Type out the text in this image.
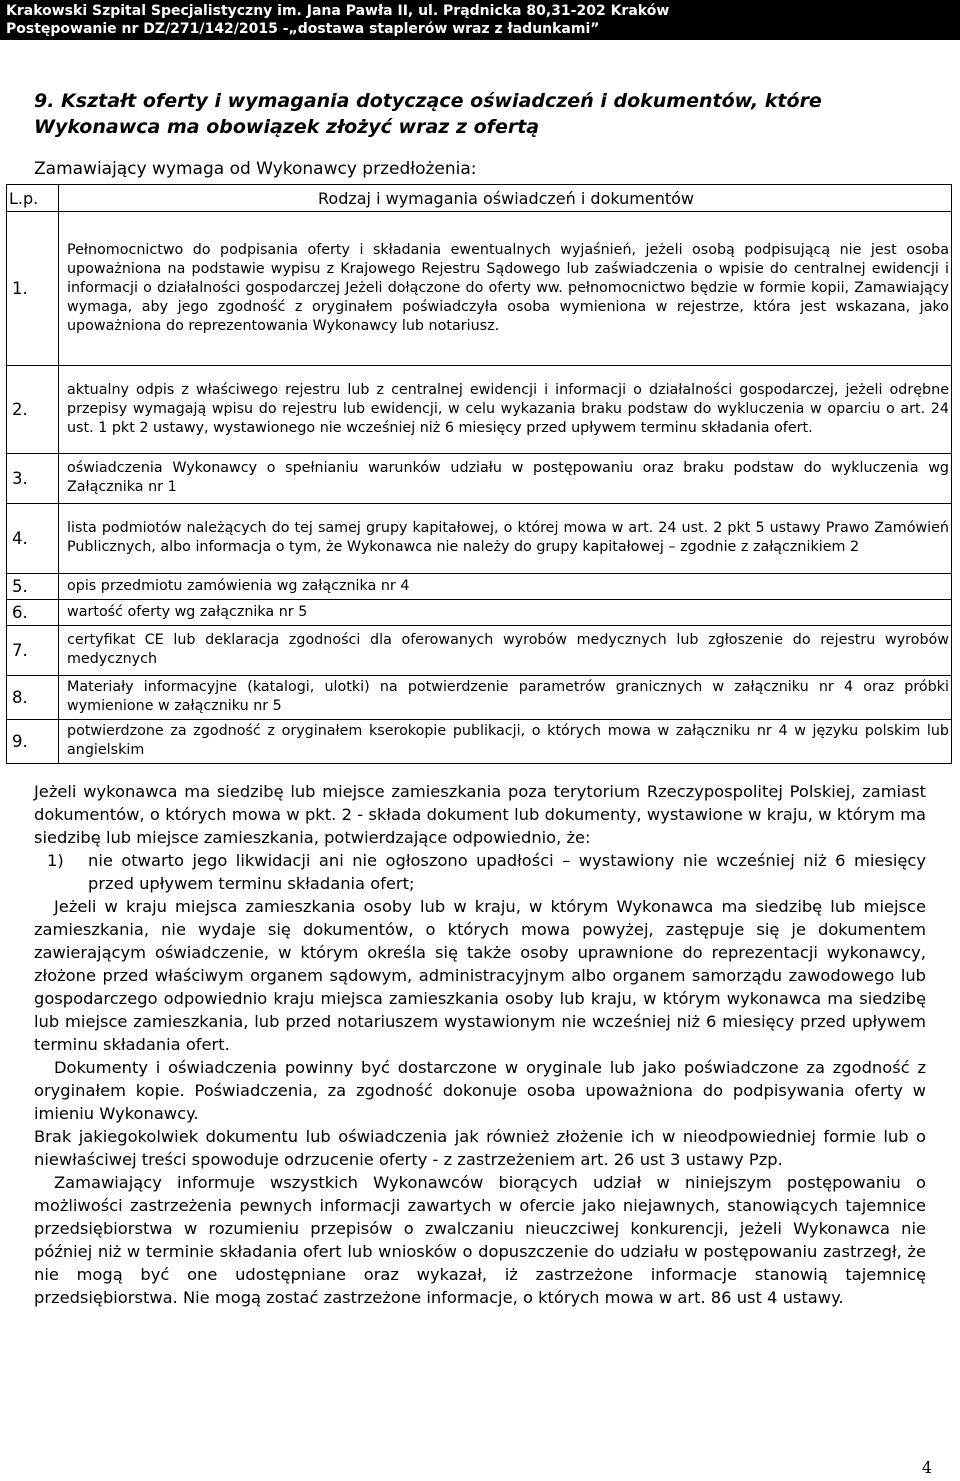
Krakowski Szpital Specjalistyczny im. Jana Pawła II, ul. Prądnicka 80,31-202 Kraków
Postępowanie nr DZ/271/142/2015 -„dostawa staplerów wraz z ładunkami”
9. Kształt oferty i wymagania dotyczące oświadczeń i dokumentów, które Wykonawca ma obowiązek złożyć wraz z ofertą
Zamawiający wymaga od Wykonawcy przedłożenia:
L.p.	Rodzaj i wymagania oświadczeń i dokumentów
1.	Pełnomocnictwo do podpisania oferty i składania ewentualnych wyjaśnień, jeżeli osobą podpisującą nie jest osoba upoważniona na podstawie wypisu z Krajowego Rejestru Sądowego lub zaświadczenia o wpisie do centralnej ewidencji i informacji o działalności gospodarczej Jeżeli dołączone do oferty ww. pełnomocnictwo będzie w formie kopii, Zamawiający wymaga, aby jego zgodność z oryginałem poświadczyła osoba wymieniona w rejestrze, która jest wskazana, jako upoważniona do reprezentowania Wykonawcy lub notariusz.
2.	aktualny odpis z właściwego rejestru lub z centralnej ewidencji i informacji o działalności gospodarczej, jeżeli odrębne przepisy wymagają wpisu do rejestru lub ewidencji, w celu wykazania braku podstaw do wykluczenia w oparciu o art. 24 ust. 1 pkt 2 ustawy, wystawionego nie wcześniej niż 6 miesięcy przed upływem terminu składania ofert.
3.	oświadczenia Wykonawcy o spełnianiu warunków udziału w postępowaniu oraz braku podstaw do wykluczenia wg Załącznika nr 1
4.	lista podmiotów należących do tej samej grupy kapitałowej, o której mowa w art. 24 ust. 2 pkt 5 ustawy Prawo Zamówień Publicznych, albo informacja o tym, że Wykonawca nie należy do grupy kapitałowej – zgodnie z załącznikiem 2
5.	opis przedmiotu zamówienia wg załącznika nr 4
6.	wartość oferty wg załącznika nr 5
7.	certyfikat CE lub deklaracja zgodności dla oferowanych wyrobów medycznych lub zgłoszenie do rejestru wyrobów medycznych
8.	Materiały informacyjne (katalogi, ulotki) na potwierdzenie parametrów granicznych w załączniku nr 4 oraz próbki wymienione w załączniku nr 5
9.	potwierdzone za zgodność z oryginałem kserokopie publikacji, o których mowa w załączniku nr 4 w języku polskim lub angielskim

Jeżeli wykonawca ma siedzibę lub miejsce zamieszkania poza terytorium Rzeczypospolitej Polskiej, zamiast dokumentów, o których mowa w pkt. 2 - składa dokument lub dokumenty, wystawione w kraju, w którym ma siedzibę lub miejsce zamieszkania, potwierdzające odpowiednio, że:

1) nie otwarto jego likwidacji ani nie ogłoszono upadłości – wystawiony nie wcześniej niż 6 miesięcy przed upływem terminu składania ofert;

Jeżeli w kraju miejsca zamieszkania osoby lub w kraju, w którym Wykonawca ma siedzibę lub miejsce zamieszkania, nie wydaje się dokumentów, o których mowa powyżej, zastępuje się je dokumentem zawierającym oświadczenie, w którym określa się także osoby uprawnione do reprezentacji wykonawcy, złożone przed właściwym organem sądowym, administracyjnym albo organem samorządu zawodowego lub gospodarczego odpowiednio kraju miejsca zamieszkania osoby lub kraju, w którym wykonawca ma siedzibę lub miejsce zamieszkania, lub przed notariuszem wystawionym nie wcześniej niż 6 miesięcy przed upływem terminu składania ofert.

Dokumenty i oświadczenia powinny być dostarczone w oryginale lub jako poświadczone za zgodność z oryginałem kopie. Poświadczenia, za zgodność dokonuje osoba upoważniona do podpisywania oferty w imieniu Wykonawcy.

Brak jakiegokolwiek dokumentu lub oświadczenia jak również złożenie ich w nieodpowiedniej formie lub o niewłaściwej treści spowoduje odrzucenie oferty - z zastrzeżeniem art. 26 ust 3 ustawy Pzp.

Zamawiający informuje wszystkich Wykonawców biorących udział w niniejszym postępowaniu o możliwości zastrzeżenia pewnych informacji zawartych w ofercie jako niejawnych, stanowiących tajemnice przedsiębiorstwa w rozumieniu przepisów o zwalczaniu nieuczciwej konkurencji, jeżeli Wykonawca nie później niż w terminie składania ofert lub wniosków o dopuszczenie do udziału w postępowaniu zastrzegł, że nie mogą być one udostępniane oraz wykazał, iż zastrzeżone informacje stanowią tajemnicę przedsiębiorstwa. Nie mogą zostać zastrzeżone informacje, o których mowa w art. 86 ust 4 ustawy.

4
